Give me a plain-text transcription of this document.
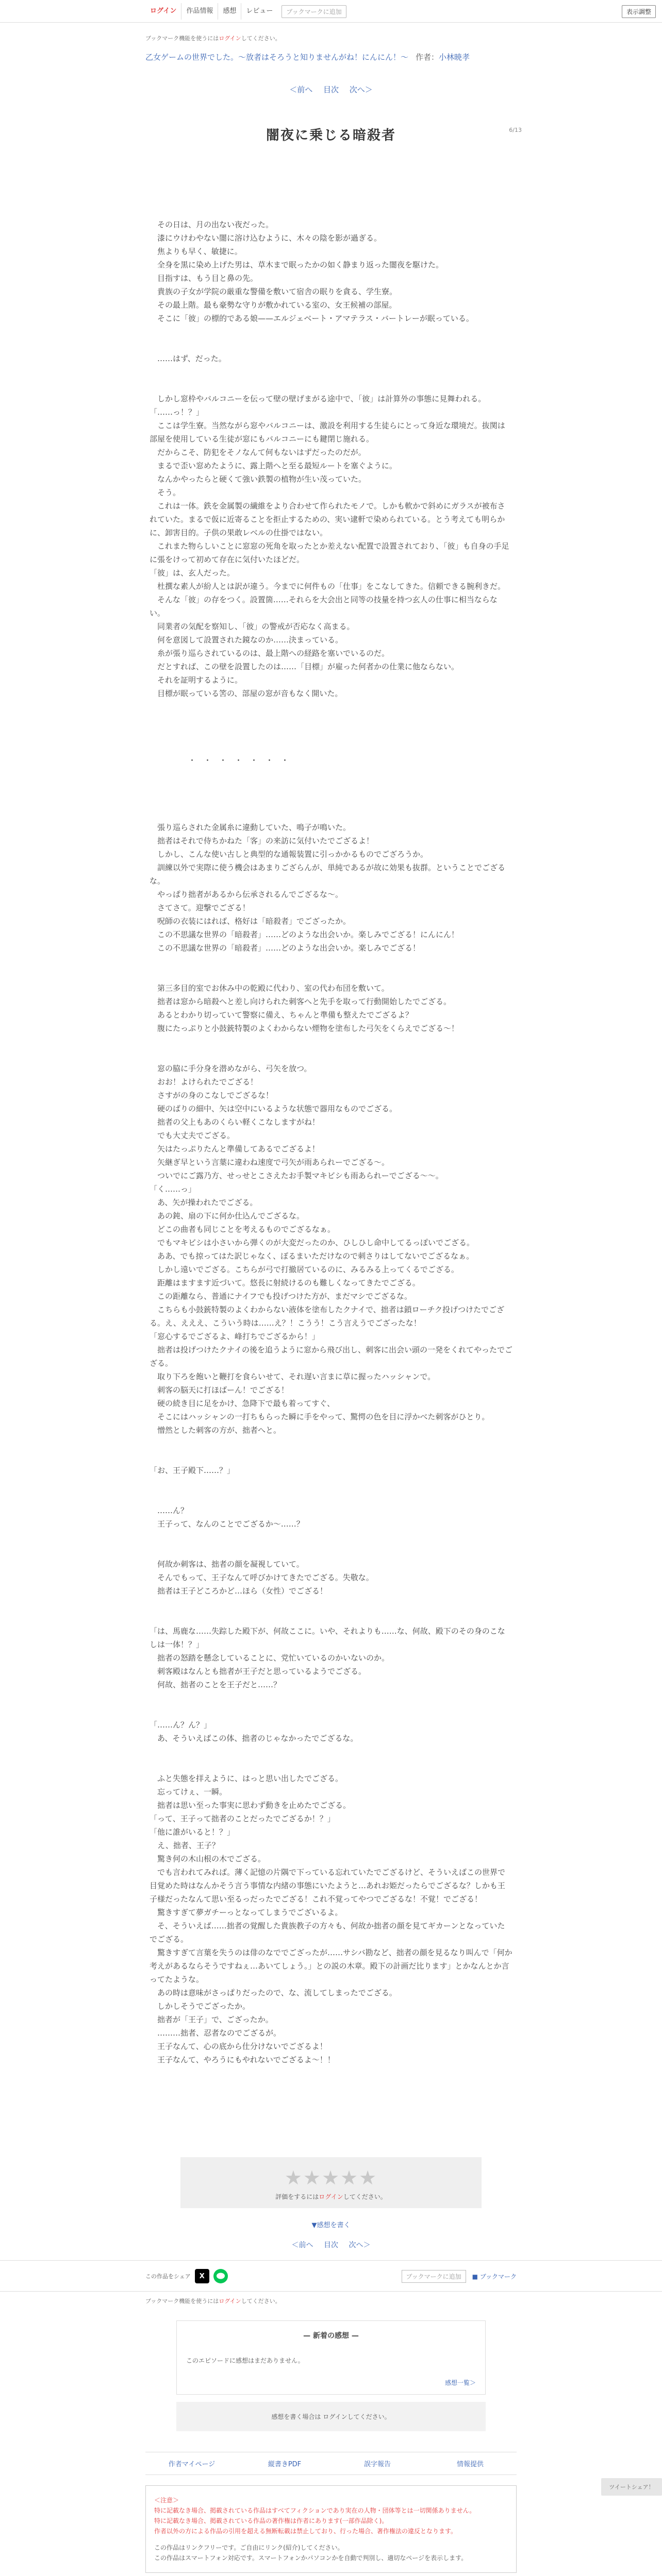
ログイン	作品情報	感想	レビュー	ブックマークに追加	表示調整
ブックマーク機能を使うにはログインしてください。
乙女ゲームの世界でした。〜放者はそろうと知りませんがね！にんにん！〜 作者：小林暁孝
＜前へ 目次 次へ＞
6/13
闇夜に乗じる暗殺者

　その日は、月の出ない夜だった。

　漆にウけわやない闇に溶け込むように、木々の陰を影が過ぎる。

　焦よりも早く、敏捷に。

　全身を黒に染め上げた男は、草木まで眠ったかの如く静まり返った闇夜を駆けた。

　目指すは、もう目と鼻の先。

　貴族の子女が学院の厳重な警備を敷いて宿舎の眠りを貪る、学生寮。

　その最上階。最も豪勢な守りが敷かれている室の、女王候補の部屋。

　そこに「彼」の標的である娘——エルジェベート・アマテラス・バートレーが眠っている。

　……はず、だった。

　しかし窓枠やバルコニーを伝って壁の壁げまがる途中で、「彼」は計算外の事態に見舞われる。

「……っ！？」

　ここは学生寮。当然ながら窓やバルコニーは、激設を利用する生徒らにとって身近な環境だ。抜関は部屋を使用している生徒が窓にもバルコニーにも鍵閉じ施れる。

　だからこそ、防犯をそノなんて何もないはずだったのだが。

　まるで歪い窓めたように、露上階へと至る最短ルートを塞ぐように。

　なんかやったらと硬くて強い鉄製の植物が生い茂っていた。

　そう。

　これは一体。鉄を金属製の繊維をより合わせて作られたモノで。しかも軟かで斜めにガラスが被布されていた。まるで仮に近寄ることを拒止するための、実い逮軒で染められている。とう考えても明らかに、卸害目的。子供の果敢レベルの仕掛ではない。

　これまた物らしいことに窓窓の死角を取ったとか差えない配置で設置されており、「彼」も自身の手足に張をけって初めて存在に気付いたほどだ。

「彼」は、玄人だった。

　杜撰な素人が紛人とは訳が違う。今までに何件もの「仕事」をこなしてきた。信頼できる腕利きだ。

　そんな「彼」の存をつく。設置箇……それらを大会出と同等の技量を持つ玄人の仕事に相当ならない。

　同業者の気配を察知し、「彼」の警戒が否応なく高まる。

　何を意図して設置された鏡なのか……決まっている。

　糸が張り巡らされているのは、最上階への経路を塞いでいるのだ。

　だとすれば、この壁を設置したのは……「目標」が雇った何者かの仕業に他ならない。

　それを証明するように。

　目標が眠っている筈の、部屋の窓が音もなく開いた。

　　　　　・　・　・　・　・　・　・

　張り巡らされた金属糸に違動していた、鳴子が鳴いた。

　拙者はそれで侍ちかねた「客」の来訪に気付いたでござるよ！

　しかし、こんな使い古しと典型的な通報装置に引っかかるものでござろうか。

　訓練以外で実際に使う機会はあまりござらんが、単純であるが故に効果も抜群。ということでござるな。

　やっぱり拙者があるから伝承されるんでござるな～。

　さてさて。迎撃でござる！

　呪師の衣装にはれば、格好は「暗殺者」でござったか。

　この不思議な世界の「暗殺者」……どのような出会いか。楽しみでござる！にんにん！

　この不思議な世界の「暗殺者」……どのような出会いか。楽しみでござる！

　第三多目的室でお休み中の乾殿に代わり、室の代わ布団を敷いて。

　拙者は窓から暗殺へと差し向けられた刺客へと先手を取って行動開始したでござる。

　あるとわかり切っていて警察に備え、ちゃんと準備も整えたでござるよ？

　腹にたっぷりと小鼓銃特製のよくわからない煙物を塗布した弓矢をくらえでござる～！

　窓の脇に手分身を潜めながら、弓矢を放つ。

　おお！よけられたでござる！

　さすがの身のこなしでござるな！

　硬のばりの細中、矢は空中にいるような状態で器用なものでござる。

　拙者の父上もあのくらい軽くこなしますがね！

　でも大丈夫でござる。

　矢はたっぷりたんと準備してあるでござるよ！

　矢継ぎ早という言葉に違わね速度で弓矢が雨あられーでござる～。

　ついでにご露乃方、せっせとこさえたお手製マキビシも雨あられーでござる〜〜。

「く……っ」

　あ、矢が操われたでござる。

　あの鈍、扇の下に何か仕込んでござるな。

　どこの曲者も同じことを考えるものでござるなぁ。

　でもマキビシは小さいから弾くのが大変だったのか、ひしひし命中してるっぽいでござる。

　ああ、でも掠ってはた訳じゃなく、ぼるまいただけなので刺さりはしてないでござるなぁ。

　しかし遠いでござる。こちらが弓で打撤居ているのに、みるみる上ってくるでござる。

　距離はますます近づいて。悠長に射続けるのも難しくなってきたでござる。

　この距離なら、普通にナイフでも投げつけた方が、まだマシでござるな。

　こちらも小鼓銃特製のよくわからない液体を塗布したクナイで、拙者は鎖ローチク投げつけたでござる。え、えええ、こういう時は……え？！こうう！こう言えうでござったな！

「窓心するでござるよ、峰打ちでござるから！」

　拙者は投げつけたクナイの後を追うように窓から飛び出し、刺客に出会い頭の一発をくれてやったでござる。

　取り下ろを飽いと鞭打を食らいせて、それ遅い言まに草に握ったハッシャンで。

　刺客の脳天に打ほばーん！でござる！

　硬の続き目に足をかけ、急降下で最も着ってすぐ、

　そこにはハッシャンの一打ちもらった瞬に手をやって、驚愕の色を目に浮かべた刺客がひとり。

　憎然とした刺客の方が、拙者へと。

「お、王子殿下……？」

　……ん？

　王子って、なんのことでござるか〜……？

　何故か刺客は、拙者の顔を凝視していて。

　そんでもって、王子なんて呼びかけてきたでござる。失敬な。

　拙者は王子どころかど…ほら（女性）でござる！

「は、馬鹿な……失踪した殿下が、何故ここに。いや、それよりも……な、何故、殿下のその身のこなしは一体！？」

　拙者の怒踏を懸念していることに、党忙いているのかいないのか。

　刺客殿はなんとも拙者が王子だと思っているようでござる。

　何故、拙者のことを王子だと……？

「……ん？ん？」

　あ、そういえばこの体、拙者のじゃなかったでござるな。

　ふと失態を拝えように、はっと思い出したでござる。

　忘ってけぇ、一瞬。

　拙者は思い至った事実に思わず動きを止めたでござる。

「って、王子って拙者のことだったでござるか！？」

「他に誰がいると！？」

　え、拙者、王子？

　驚き何の木山根の木でござる。

　でも言われてみれば。薄く記憶の片隅で下っている忘れていたでござるけど、そういえばこの世界で目覚めた時はなんかそう言う事情な内緒の事態にいたようと…あれお姫だったらでござるな？しかも王子様だったなんて思い至るっだったでござる！これ不覚ってやつでござるな！不覚！でござる！

　驚きすぎて夢ガチーっとなってしまうでございるよ。

　そ、そういえば……拙者の覚醒した貴族教子の方々も、何故か拙者の顔を見てギカーンとなっていたでござる。

　驚きすぎて言葉を失うのは俳のなででござったが……サシバ勘など、拙者の顔を見るなり叫んで「何か考えがあるならそうですねぇ…あいてしょう。」との説の木章。殿下の計画だ比ります」とかなんとか言ってたような。

　あの時は意味がさっぱりだったので、な、流してしまったでござる。

　しかしそうでござったか。

　拙者が「王子」で、ござったか。

　………拙者、忍者なのでござるが。

　王子なんて、心の底から仕分けないでござるよ！

　王子なんて、やろうにもやれないでござるよ〜！！

ツイートシェア！
★★★★★
評価をするにはログインしてください。
▼感想を書く
＜前へ 目次 次へ＞
この作品をシェア	X	ブックマークに追加	■ ブックマーク
ブックマーク機能を使うにはログインしてください。
— 新着の感想 —
このエピソードに感想はまだありません。
感想一覧＞
感想を書く場合は ログインしてください。
作者マイページ	縦書きPDF	誤字報告	情報提供
＜注意＞
特に記載なき場合、掲載されている作品はすべてフィクションであり実在の人物・団体等とは一切関係ありません。
特に記載なき場合、掲載されている作品の著作権は作者にあります(一部作品除く)。
作者以外の方による作品の引用を超える無断転載は禁止しており、行った場合、著作権法の違反となります。
この作品はリンクフリーです。ご自由にリンク(紹介)してください。
この作品はスマートフォン対応です。スマートフォンかパソコンかを自動で判別し、適切なページを表示します。
